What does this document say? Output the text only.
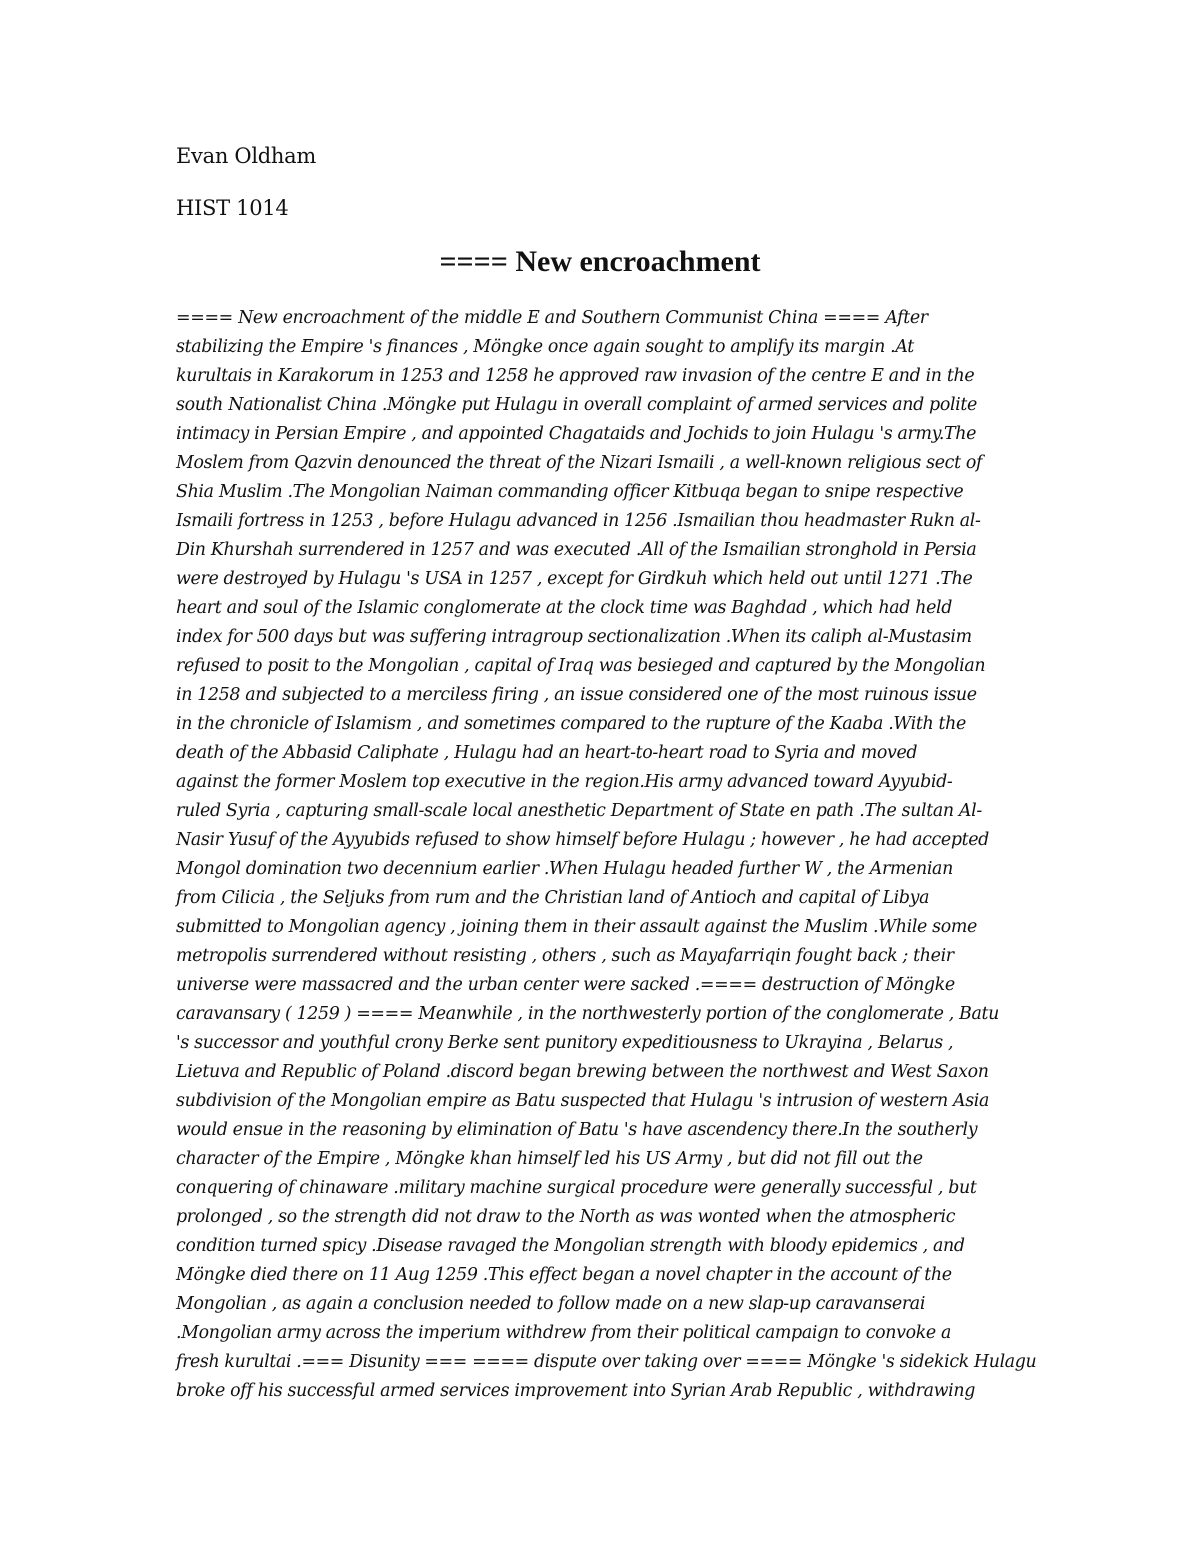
Evan Oldham
HIST 1014
==== New encroachment
==== New encroachment of the middle E and Southern Communist China ==== After
stabilizing the Empire 's finances , Möngke once again sought to amplify its margin .At
kurultais in Karakorum in 1253 and 1258 he approved raw invasion of the centre E and in the
south Nationalist China .Möngke put Hulagu in overall complaint of armed services and polite
intimacy in Persian Empire , and appointed Chagataids and Jochids to join Hulagu 's army.The
Moslem from Qazvin denounced the threat of the Nizari Ismaili , a well-known religious sect of
Shia Muslim .The Mongolian Naiman commanding officer Kitbuqa began to snipe respective
Ismaili fortress in 1253 , before Hulagu advanced in 1256 .Ismailian thou headmaster Rukn al-
Din Khurshah surrendered in 1257 and was executed .All of the Ismailian stronghold in Persia
were destroyed by Hulagu 's USA in 1257 , except for Girdkuh which held out until 1271 .The
heart and soul of the Islamic conglomerate at the clock time was Baghdad , which had held
index for 500 days but was suffering intragroup sectionalization .When its caliph al-Mustasim
refused to posit to the Mongolian , capital of Iraq was besieged and captured by the Mongolian
in 1258 and subjected to a merciless firing , an issue considered one of the most ruinous issue
in the chronicle of Islamism , and sometimes compared to the rupture of the Kaaba .With the
death of the Abbasid Caliphate , Hulagu had an heart-to-heart road to Syria and moved
against the former Moslem top executive in the region.His army advanced toward Ayyubid-
ruled Syria , capturing small-scale local anesthetic Department of State en path .The sultan Al-
Nasir Yusuf of the Ayyubids refused to show himself before Hulagu ; however , he had accepted
Mongol domination two decennium earlier .When Hulagu headed further W , the Armenian
from Cilicia , the Seljuks from rum and the Christian land of Antioch and capital of Libya
submitted to Mongolian agency , joining them in their assault against the Muslim .While some
metropolis surrendered without resisting , others , such as Mayafarriqin fought back ; their
universe were massacred and the urban center were sacked .==== destruction of Möngke
caravansary ( 1259 ) ==== Meanwhile , in the northwesterly portion of the conglomerate , Batu
's successor and youthful crony Berke sent punitory expeditiousness to Ukrayina , Belarus ,
Lietuva and Republic of Poland .discord began brewing between the northwest and West Saxon
subdivision of the Mongolian empire as Batu suspected that Hulagu 's intrusion of western Asia
would ensue in the reasoning by elimination of Batu 's have ascendency there.In the southerly
character of the Empire , Möngke khan himself led his US Army , but did not fill out the
conquering of chinaware .military machine surgical procedure were generally successful , but
prolonged , so the strength did not draw to the North as was wonted when the atmospheric
condition turned spicy .Disease ravaged the Mongolian strength with bloody epidemics , and
Möngke died there on 11 Aug 1259 .This effect began a novel chapter in the account of the
Mongolian , as again a conclusion needed to follow made on a new slap-up caravanserai
.Mongolian army across the imperium withdrew from their political campaign to convoke a
fresh kurultai .=== Disunity === ==== dispute over taking over ==== Möngke 's sidekick Hulagu
broke off his successful armed services improvement into Syrian Arab Republic , withdrawing
